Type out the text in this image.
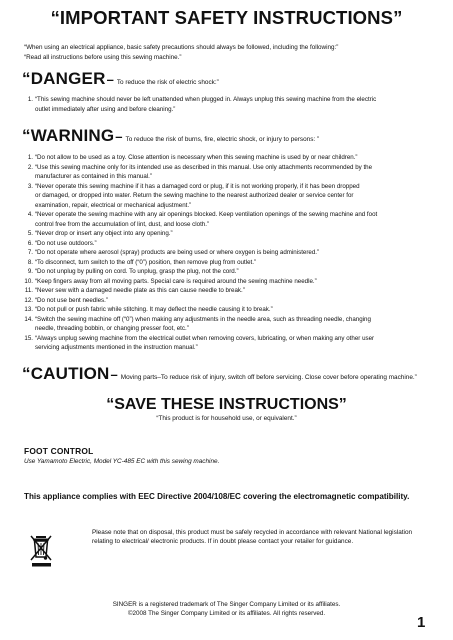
“IMPORTANT SAFETY INSTRUCTIONS”
“When using an electrical appliance, basic safety precautions should always be followed, including the following:”
“Read all instructions before using this sewing machine.”
“DANGER – To reduce the risk of electric shock:”
1. “This sewing machine should never be left unattended when plugged in. Always unplug this sewing machine from the electric
outlet immediately after using and before cleaning.”
“WARNING – To reduce the risk of burns, fire, electric shock, or injury to persons: ”
1. “Do not allow to be used as a toy. Close attention is necessary when this sewing machine is used by or near children.”
2. “Use this sewing machine only for its intended use as described in this manual. Use only attachments recommended by the
manufacturer as contained in this manual.”
3. “Never operate this sewing machine if it has a damaged cord or plug, if it is not working properly, if it has been dropped
or damaged, or dropped into water. Return the sewing machine to the nearest authorized dealer or service center for
examination, repair, electrical or mechanical adjustment.”
4. “Never operate the sewing machine with any air openings blocked. Keep ventilation openings of the sewing machine and foot
control free from the accumulation of lint, dust, and loose cloth.”
5. “Never drop or insert any object into any opening.”
6. “Do not use outdoors.”
7. “Do not operate where aerosol (spray) products are being used or where oxygen is being administered.”
8. “To disconnect, turn switch to the off (“0”) position, then remove plug from outlet.”
9. “Do not unplug by pulling on cord. To unplug, grasp the plug, not the cord.”
10. “Keep fingers away from all moving parts. Special care is required around the sewing machine needle.”
11. “Never sew with a damaged needle plate as this can cause needle to break.”
12. “Do not use bent needles.”
13. “Do not pull or push fabric while stitching. It may deflect the needle causing it to break.”
14. “Switch the sewing machine off (“0”) when making any adjustments in the needle area, such as threading needle, changing
needle, threading bobbin, or changing presser foot, etc.”
15. “Always unplug sewing machine from the electrical outlet when removing covers, lubricating, or when making any other user
servicing adjustments mentioned in the instruction manual.”
“CAUTION – Moving parts–To reduce risk of injury, switch off before servicing. Close cover before operating machine.”
“SAVE THESE INSTRUCTIONS”
“This product is for household use, or equivalent.”
FOOT CONTROL
Use Yamamoto Electric, Model YC-485 EC with this sewing machine.
This appliance complies with EEC Directive 2004/108/EC covering the electromagnetic compatibility.
Please note that on disposal, this product must be safely recycled in accordance with relevant National legislation
relating to electrical/ electronic products. If in doubt please contact your retailer for guidance.
SINGER is a registered trademark of The Singer Company Limited or its affiliates.
©2008 The Singer Company Limited or its affiliates. All rights reserved.
1
